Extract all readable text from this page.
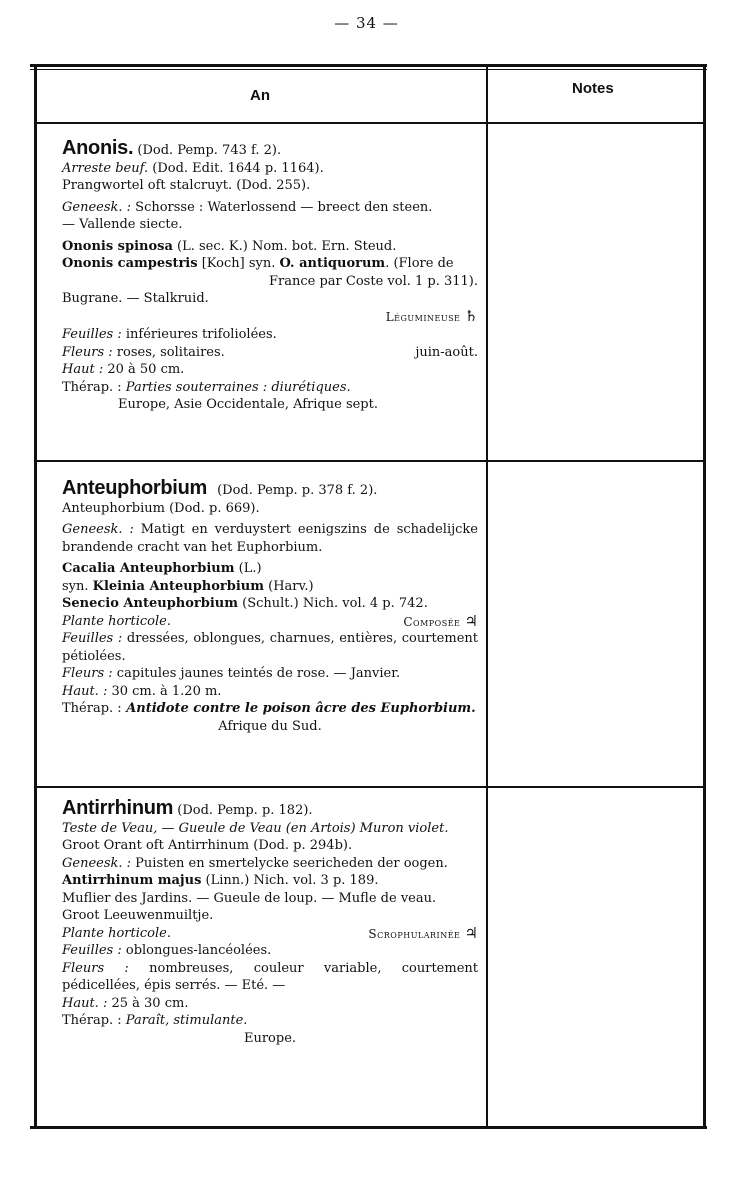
— 34 —
An	Notes
Anonis. (Dod. Pemp. 743 f. 2).
Arreste beuf. (Dod. Edit. 1644 p. 1164).
Prangwortel oft stalcruyt. (Dod. 255).
Geneesk. : Schorsse : Waterlossend — breect den steen.
— Vallende siecte.
Ononis spinosa (L. sec. K.) Nom. bot. Ern. Steud.
Ononis campestris [Koch] syn. O. antiquorum. (Flore de
France par Coste vol. 1 p. 311).
Bugrane. — Stalkruid.
Légumineuse ♄
Feuilles : inférieures trifoliolées.
Fleurs : roses, solitaires.	juin-août.
Haut : 20 à 50 cm.
Thérap. : Parties souterraines : diurétiques.
Europe, Asie Occidentale, Afrique sept.
Anteuphorbium (Dod. Pemp. p. 378 f. 2).
Anteuphorbium (Dod. p. 669).
Geneesk. : Matigt en verduystert eenigszins de schadelijcke brandende cracht van het Euphorbium.
Cacalia Anteuphorbium (L.)
syn. Kleinia Anteuphorbium (Harv.)
Senecio Anteuphorbium (Schult.) Nich. vol. 4 p. 742.
Plante horticole.	Composée ♃
Feuilles : dressées, oblongues, charnues, entières, courtement pétiolées.
Fleurs : capitules jaunes teintés de rose. — Janvier.
Haut. : 30 cm. à 1.20 m.
Thérap. : Antidote contre le poison âcre des Euphorbium.
Afrique du Sud.
Antirrhinum (Dod. Pemp. p. 182).
Teste de Veau, — Gueule de Veau (en Artois) Muron violet.
Groot Orant oft Antirrhinum (Dod. p. 294b).
Geneesk. : Puisten en smertelycke seericheden der oogen.
Antirrhinum majus (Linn.) Nich. vol. 3 p. 189.
Muflier des Jardins. — Gueule de loup. — Mufle de veau.
Groot Leeuwenmuiltje.
Plante horticole.	Scrophularinée ♃
Feuilles : oblongues-lancéolées.
Fleurs : nombreuses, couleur variable, courtement pédicellées, épis serrés. — Eté. —
Haut. : 25 à 30 cm.
Thérap. : Paraît, stimulante.
Europe.
